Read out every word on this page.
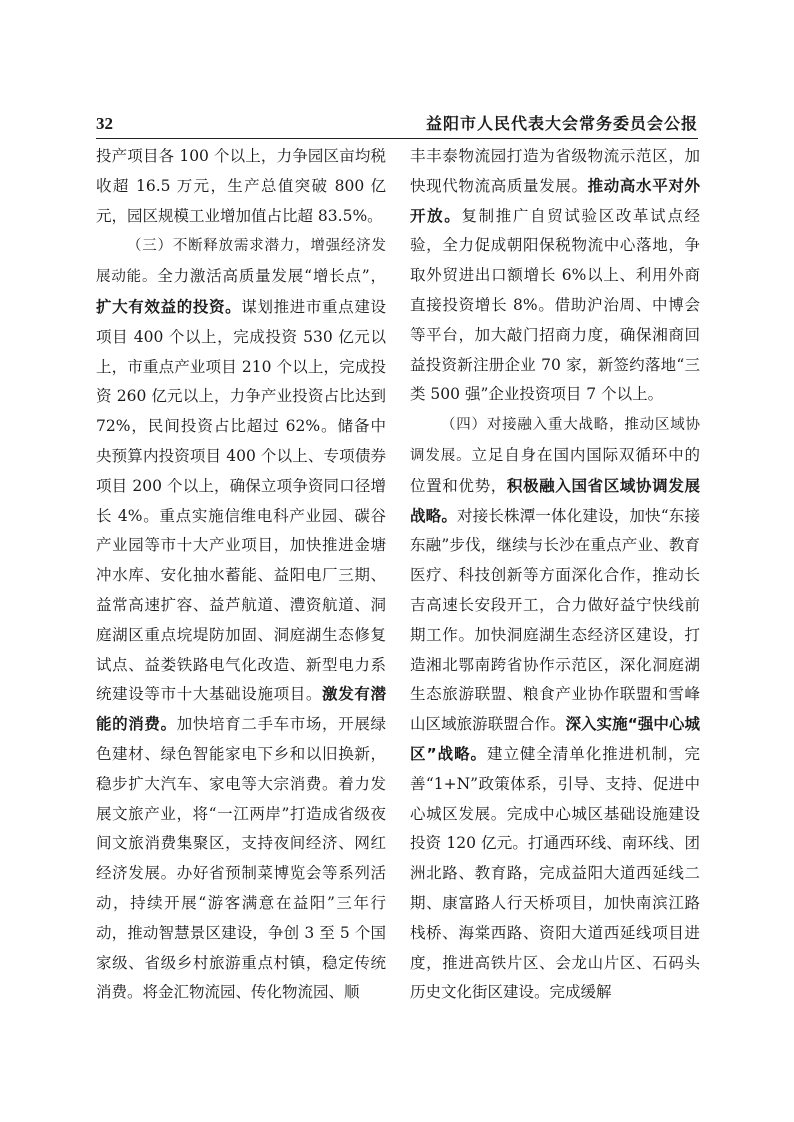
32	益阳市人民代表大会常务委员会公报

投产项目各 100 个以上，力争园区亩均税收超 16.5 万元，生产总值突破 800 亿元，园区规模工业增加值占比超 83.5%。

（三）不断释放需求潜力，增强经济发展动能。全力激活高质量发展“增长点”，扩大有效益的投资。谋划推进市重点建设项目 400 个以上，完成投资 530 亿元以上，市重点产业项目 210 个以上，完成投资 260 亿元以上，力争产业投资占比达到 72%，民间投资占比超过 62%。储备中央预算内投资项目 400 个以上、专项债券项目 200 个以上，确保立项争资同口径增长 4%。重点实施信维电科产业园、碳谷产业园等市十大产业项目，加快推进金塘冲水库、安化抽水蓄能、益阳电厂三期、益常高速扩容、益芦航道、澧资航道、洞庭湖区重点垸堤防加固、洞庭湖生态修复试点、益娄铁路电气化改造、新型电力系统建设等市十大基础设施项目。激发有潜能的消费。加快培育二手车市场，开展绿色建材、绿色智能家电下乡和以旧换新，稳步扩大汽车、家电等大宗消费。着力发展文旅产业，将“一江两岸”打造成省级夜间文旅消费集聚区，支持夜间经济、网红经济发展。办好省预制菜博览会等系列活动，持续开展“游客满意在益阳”三年行动，推动智慧景区建设，争创 3 至 5 个国家级、省级乡村旅游重点村镇，稳定传统消费。将金汇物流园、传化物流园、顺

丰丰泰物流园打造为省级物流示范区，加快现代物流高质量发展。推动高水平对外开放。复制推广自贸试验区改革试点经验，全力促成朝阳保税物流中心落地，争取外贸进出口额增长 6%以上、利用外商直接投资增长 8%。借助沪治周、中博会等平台，加大敲门招商力度，确保湘商回益投资新注册企业 70 家，新签约落地“三类 500 强”企业投资项目 7 个以上。

（四）对接融入重大战略，推动区域协调发展。立足自身在国内国际双循环中的位置和优势，积极融入国省区域协调发展战略。对接长株潭一体化建设，加快“东接东融”步伐，继续与长沙在重点产业、教育医疗、科技创新等方面深化合作，推动长吉高速长安段开工，合力做好益宁快线前期工作。加快洞庭湖生态经济区建设，打造湘北鄂南跨省协作示范区，深化洞庭湖生态旅游联盟、粮食产业协作联盟和雪峰山区域旅游联盟合作。深入实施“强中心城区”战略。建立健全清单化推进机制，完善“1+N”政策体系，引导、支持、促进中心城区发展。完成中心城区基础设施建设投资 120 亿元。打通西环线、南环线、团洲北路、教育路，完成益阳大道西延线二期、康富路人行天桥项目，加快南滨江路栈桥、海棠西路、资阳大道西延线项目进度，推进高铁片区、会龙山片区、石码头历史文化街区建设。完成缓解
